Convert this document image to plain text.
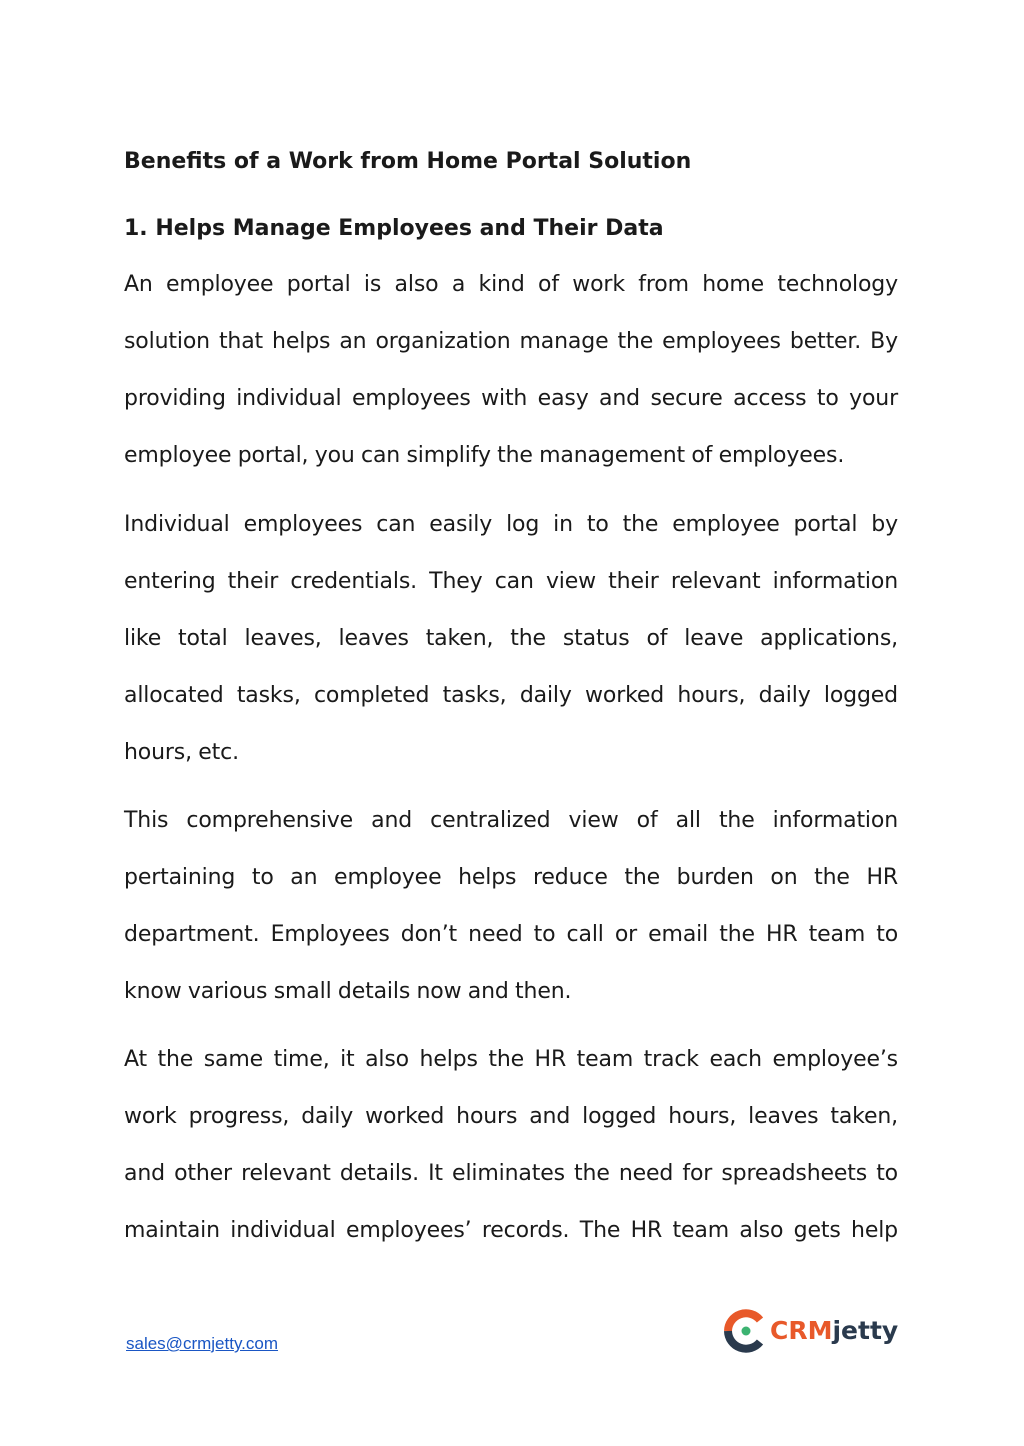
Benefits of a Work from Home Portal Solution
1. Helps Manage Employees and Their Data

An employee portal is also a kind of work from home technology
solution that helps an organization manage the employees better. By
providing individual employees with easy and secure access to your
employee portal, you can simplify the management of employees.

Individual employees can easily log in to the employee portal by
entering their credentials. They can view their relevant information
like total leaves, leaves taken, the status of leave applications,
allocated tasks, completed tasks, daily worked hours, daily logged
hours, etc.

This comprehensive and centralized view of all the information
pertaining to an employee helps reduce the burden on the HR
department. Employees don’t need to call or email the HR team to
know various small details now and then.

At the same time, it also helps the HR team track each employee’s
work progress, daily worked hours and logged hours, leaves taken,
and other relevant details. It eliminates the need for spreadsheets to
maintain individual employees’ records. The HR team also gets help

sales@crmjetty.com	CRMjetty
